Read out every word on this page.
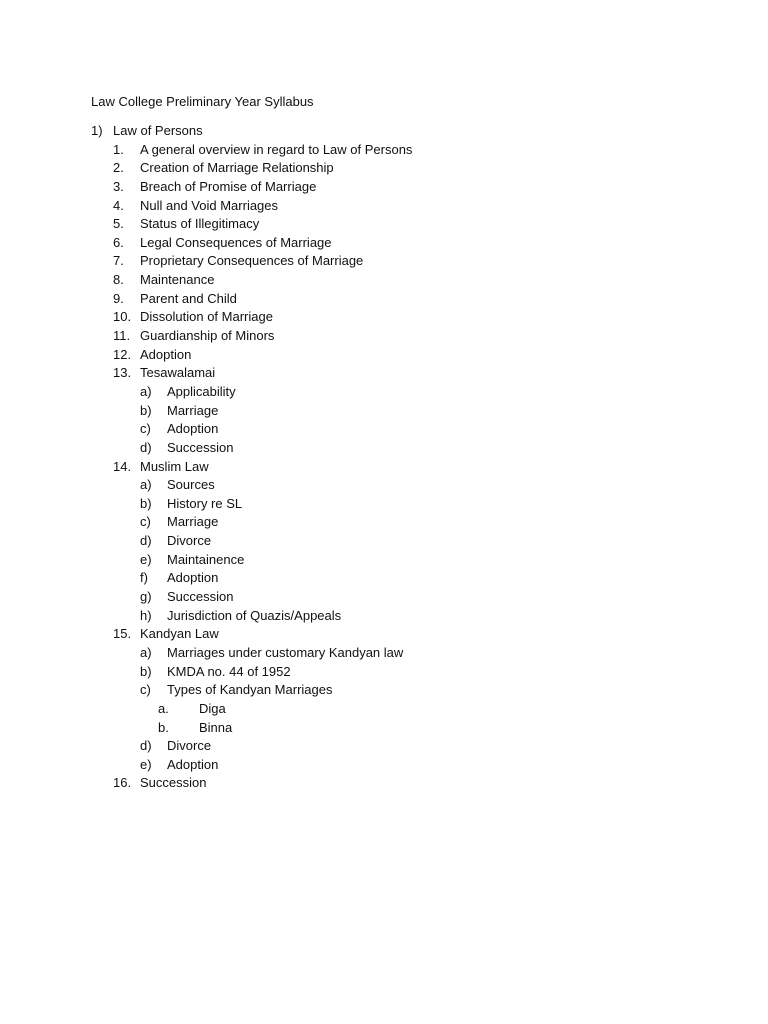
Law College Preliminary Year Syllabus
1) Law of Persons
1. A general overview in regard to Law of Persons
2. Creation of Marriage Relationship
3. Breach of Promise of Marriage
4. Null and Void Marriages
5. Status of Illegitimacy
6. Legal Consequences of Marriage
7. Proprietary Consequences of Marriage
8. Maintenance
9. Parent and Child
10. Dissolution of Marriage
11. Guardianship of Minors
12. Adoption
13. Tesawalamai
a) Applicability
b) Marriage
c) Adoption
d) Succession
14. Muslim Law
a) Sources
b) History re SL
c) Marriage
d) Divorce
e) Maintainence
f) Adoption
g) Succession
h) Jurisdiction of Quazis/Appeals
15. Kandyan Law
a) Marriages under customary Kandyan law
b) KMDA no. 44 of 1952
c) Types of Kandyan Marriages
a. Diga
b. Binna
d) Divorce
e) Adoption
16. Succession
